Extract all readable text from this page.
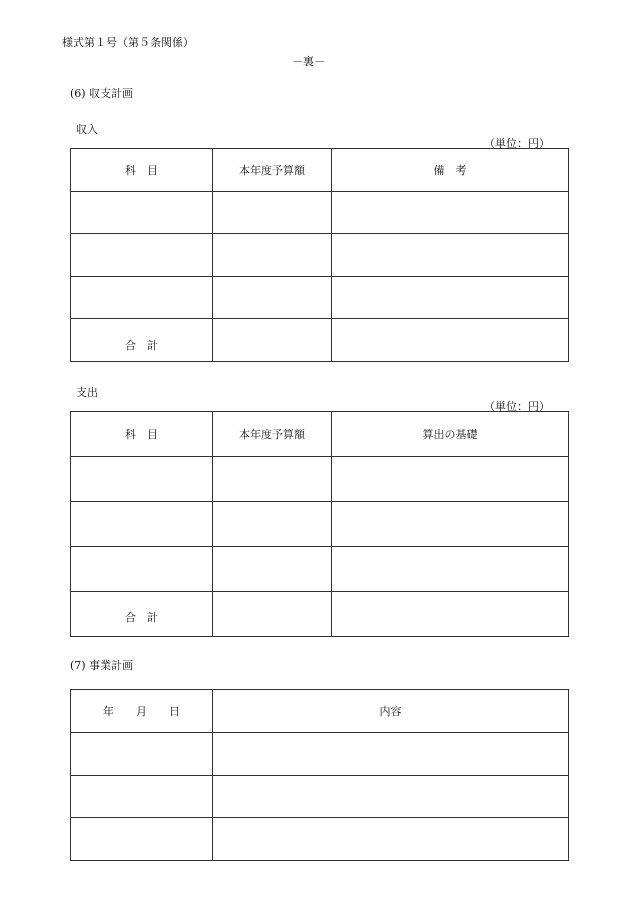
様式第１号（第５条関係）
－裏－
(6) 収支計画
収入
（単位：円）
科　目	本年度予算額	備　考

合　計		
支出
（単位：円）
科　目	本年度予算額	算出の基礎

合　計		
(7) 事業計画
年　　月　　日	内容
